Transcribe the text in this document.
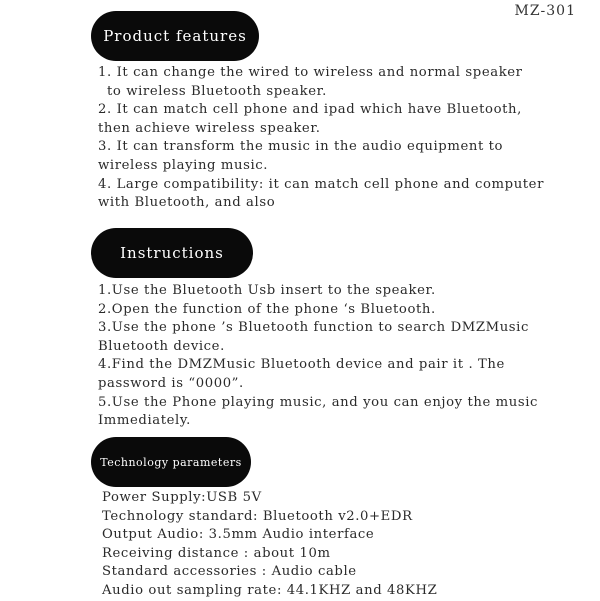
MZ-301
Product features
1. It can change the wired to wireless and normal speaker
to wireless Bluetooth speaker.
2. It can match cell phone and ipad which have Bluetooth,
then achieve wireless speaker.
3. It can transform the music in the audio equipment to
wireless playing music.
4. Large compatibility: it can match cell phone and computer
with Bluetooth, and also
Instructions
1.Use the Bluetooth Usb insert to the speaker.
2.Open the function of the phone ‘s Bluetooth.
3.Use the phone ’s Bluetooth function to search DMZMusic
Bluetooth device.
4.Find the DMZMusic Bluetooth device and pair it . The
password is “0000”.
5.Use the Phone playing music, and you can enjoy the music
Immediately.
Technology parameters
Power Supply:USB 5V
Technology standard: Bluetooth v2.0+EDR
Output Audio: 3.5mm Audio interface
Receiving distance : about 10m
Standard accessories : Audio cable
Audio out sampling rate: 44.1KHZ and 48KHZ
